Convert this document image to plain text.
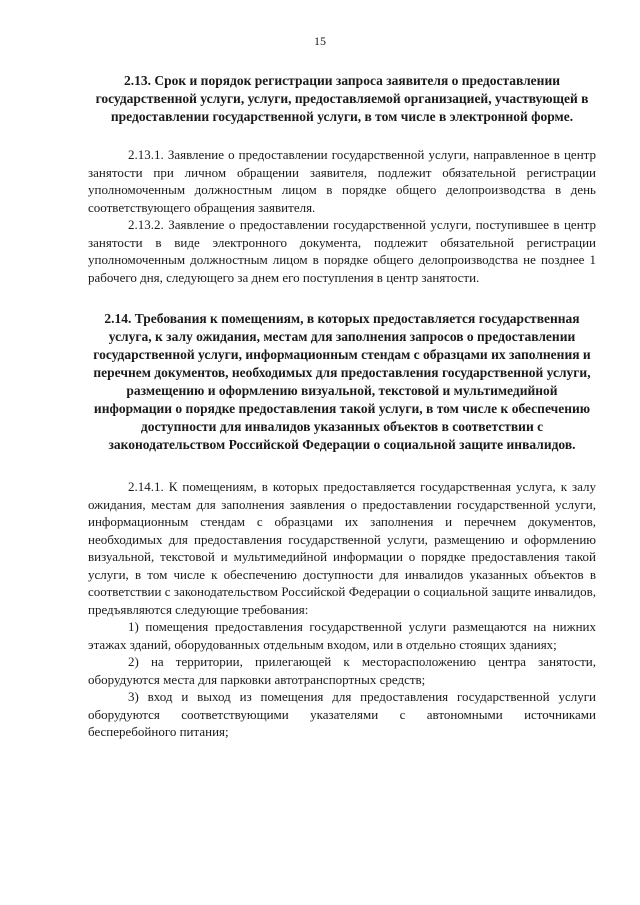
15

2.13. Срок и порядок регистрации запроса заявителя о предоставлении государственной услуги, услуги, предоставляемой организацией, участвующей в предоставлении государственной услуги, в том числе в электронной форме.

2.13.1. Заявление о предоставлении государственной услуги, направленное в центр занятости при личном обращении заявителя, подлежит обязательной регистрации уполномоченным должностным лицом в порядке общего делопроизводства в день соответствующего обращения заявителя.

2.13.2. Заявление о предоставлении государственной услуги, поступившее в центр занятости в виде электронного документа, подлежит обязательной регистрации уполномоченным должностным лицом в порядке общего делопроизводства не позднее 1 рабочего дня, следующего за днем его поступления в центр занятости.

2.14. Требования к помещениям, в которых предоставляется государственная услуга, к залу ожидания, местам для заполнения запросов о предоставлении государственной услуги, информационным стендам с образцами их заполнения и перечнем документов, необходимых для предоставления государственной услуги, размещению и оформлению визуальной, текстовой и мультимедийной информации о порядке предоставления такой услуги, в том числе к обеспечению доступности для инвалидов указанных объектов в соответствии с законодательством Российской Федерации о социальной защите инвалидов.

2.14.1. К помещениям, в которых предоставляется государственная услуга, к залу ожидания, местам для заполнения заявления о предоставлении государственной услуги, информационным стендам с образцами их заполнения и перечнем документов, необходимых для предоставления государственной услуги, размещению и оформлению визуальной, текстовой и мультимедийной информации о порядке предоставления такой услуги, в том числе к обеспечению доступности для инвалидов указанных объектов в соответствии с законодательством Российской Федерации о социальной защите инвалидов, предъявляются следующие требования:

1) помещения предоставления государственной услуги размещаются на нижних этажах зданий, оборудованных отдельным входом, или в отдельно стоящих зданиях;

2) на территории, прилегающей к месторасположению центра занятости, оборудуются места для парковки автотранспортных средств;

3) вход и выход из помещения для предоставления государственной услуги оборудуются соответствующими указателями с автономными источниками бесперебойного питания;
